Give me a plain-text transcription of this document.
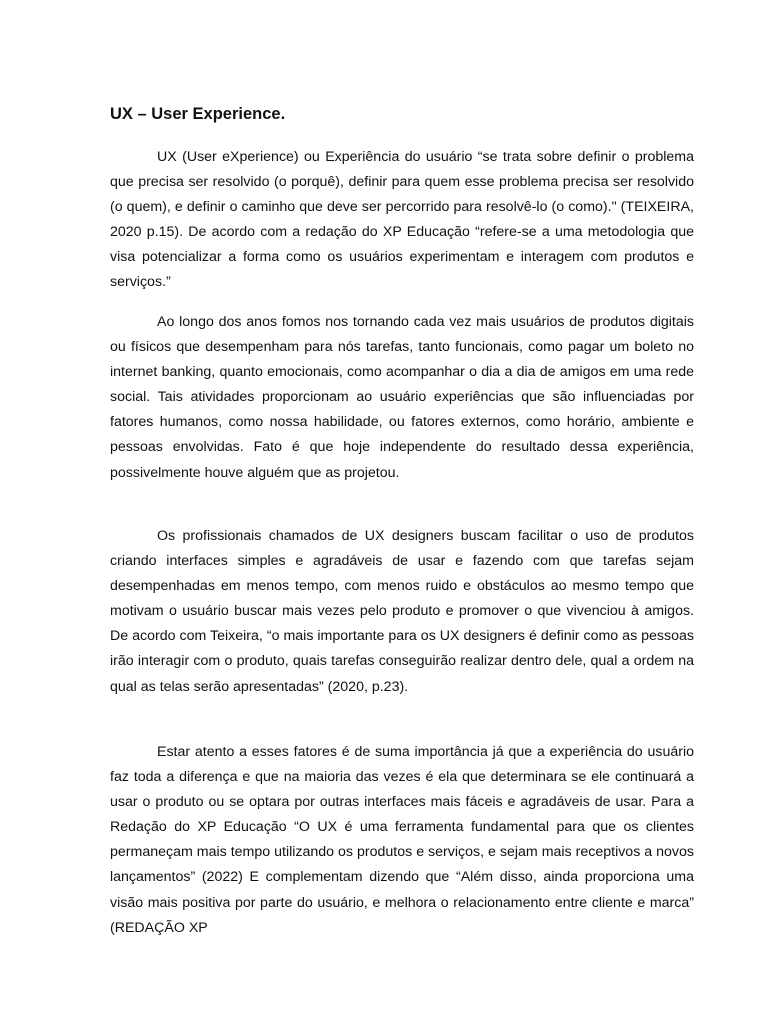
UX – User Experience.

UX (User eXperience) ou Experiência do usuário “se trata sobre definir o problema que precisa ser resolvido (o porquê), definir para quem esse problema precisa ser resolvido (o quem), e definir o caminho que deve ser percorrido para resolvê-lo (o como)." (TEIXEIRA, 2020 p.15). De acordo com a redação do XP Educação “refere-se a uma metodologia que visa potencializar a forma como os usuários experimentam e interagem com produtos e serviços.”

Ao longo dos anos fomos nos tornando cada vez mais usuários de produtos digitais ou físicos que desempenham para nós tarefas, tanto funcionais, como pagar um boleto no internet banking, quanto emocionais, como acompanhar o dia a dia de amigos em uma rede social. Tais atividades proporcionam ao usuário experiências que são influenciadas por fatores humanos, como nossa habilidade, ou fatores externos, como horário, ambiente e pessoas envolvidas. Fato é que hoje independente do resultado dessa experiência, possivelmente houve alguém que as projetou.

Os profissionais chamados de UX designers buscam facilitar o uso de produtos criando interfaces simples e agradáveis de usar e fazendo com que tarefas sejam desempenhadas em menos tempo, com menos ruido e obstáculos ao mesmo tempo que motivam o usuário buscar mais vezes pelo produto e promover o que vivenciou à amigos. De acordo com Teixeira, “o mais importante para os UX designers é definir como as pessoas irão interagir com o produto, quais tarefas conseguirão realizar dentro dele, qual a ordem na qual as telas serão apresentadas” (2020, p.23).

Estar atento a esses fatores é de suma importância já que a experiência do usuário faz toda a diferença e que na maioria das vezes é ela que determinara se ele continuará a usar o produto ou se optara por outras interfaces mais fáceis e agradáveis de usar. Para a Redação do XP Educação “O UX é uma ferramenta fundamental para que os clientes permaneçam mais tempo utilizando os produtos e serviços, e sejam mais receptivos a novos lançamentos” (2022) E complementam dizendo que “Além disso, ainda proporciona uma visão mais positiva por parte do usuário, e melhora o relacionamento entre cliente e marca” (REDAÇÃO XP
